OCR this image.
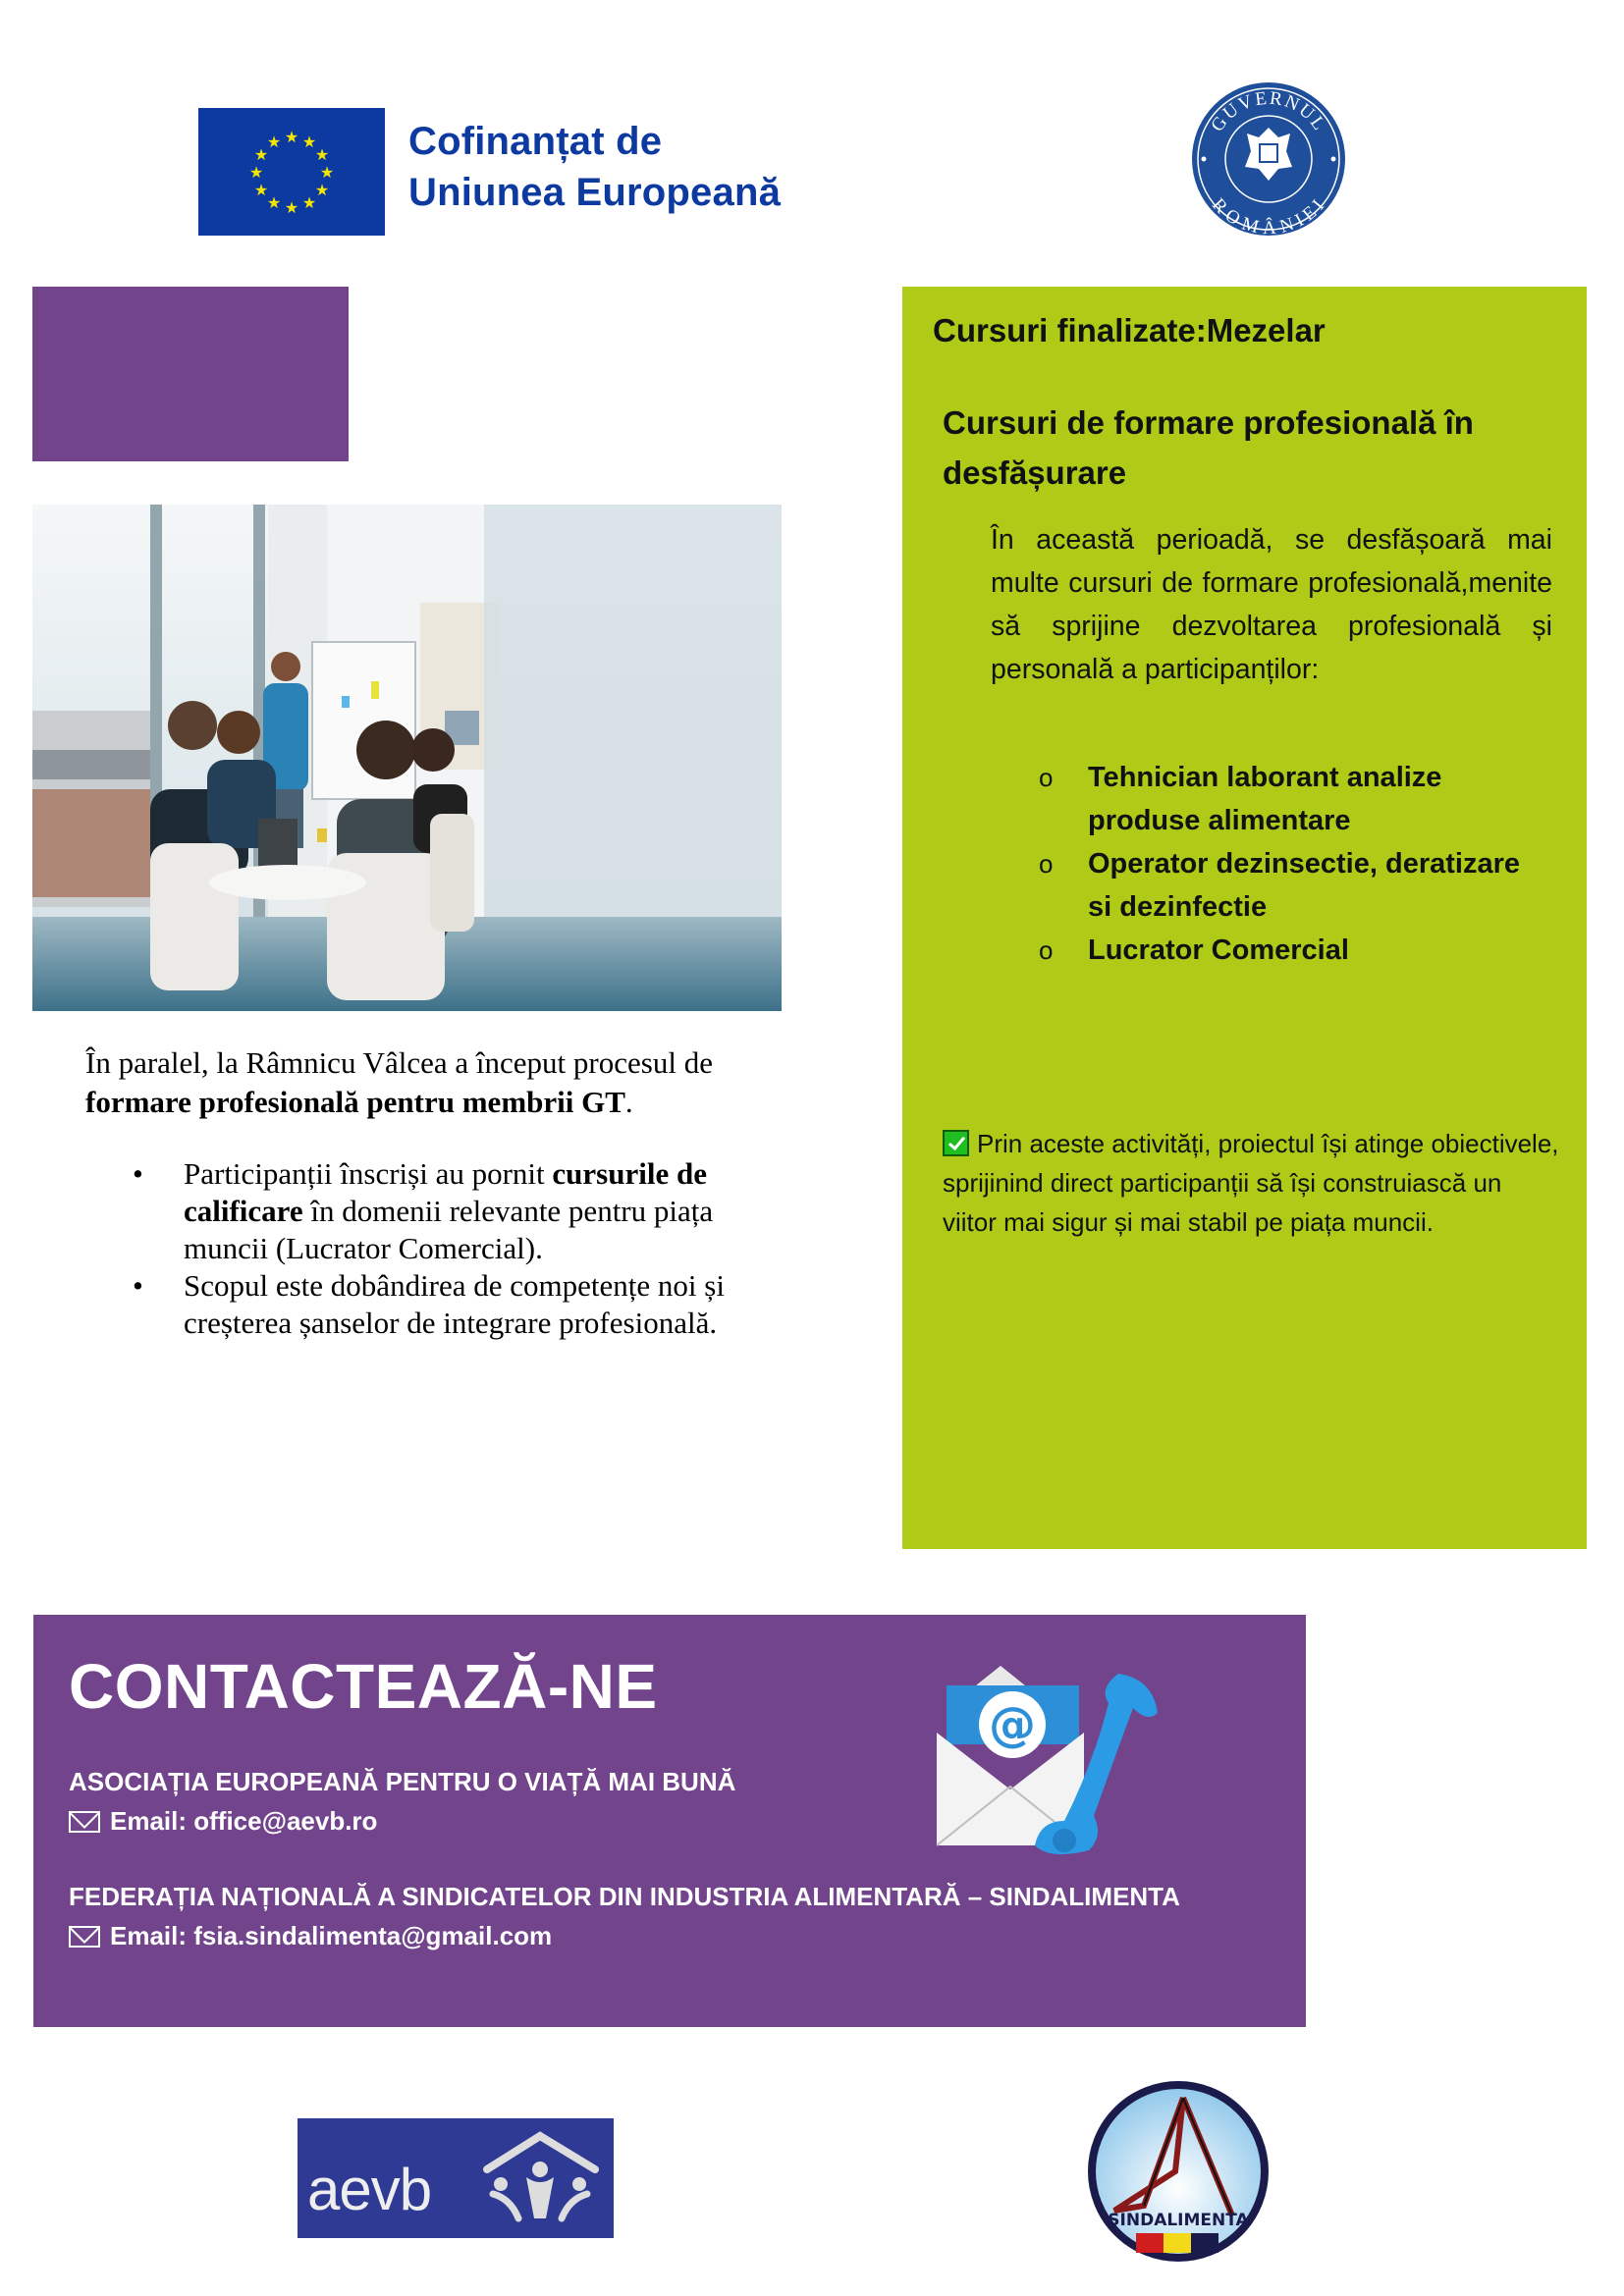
★ ★
★
★
★
★
★
★
★
★
★
★	Cofinanțat de
Uniunea Europeană
GUVERNUL
ROMÂNIEI
Cursuri finalizate:Mezelar
Cursuri de formare profesională în desfășurare
În această perioadă, se desfășoară mai multe cursuri de formare profesională,menite să sprijine dezvoltarea profesională și personală a participanților:
o Tehnician laborant analize produse alimentare
o Operator dezinsectie, deratizare si dezinfectie
o Lucrator Comercial
Prin aceste activități, proiectul își atinge obiectivele, sprijinind direct participanții să își construiască un viitor mai sigur și mai stabil pe piața muncii.
În paralel, la Râmnicu Vâlcea a început procesul de formare profesională pentru membrii GT.
• Participanții înscriși au pornit cursurile de calificare în domenii relevante pentru piața muncii (Lucrator Comercial).
• Scopul este dobândirea de competențe noi și creșterea șanselor de integrare profesională.
CONTACTEAZĂ-NE
ASOCIAȚIA EUROPEANĂ PENTRU O VIAȚĂ MAI BUNĂ
Email: office@aevb.ro
FEDERAȚIA NAȚIONALĂ A SINDICATELOR DIN INDUSTRIA ALIMENTARĂ – SINDALIMENTA
Email: fsia.sindalimenta@gmail.com
@
aevb	SINDALIMENTA
